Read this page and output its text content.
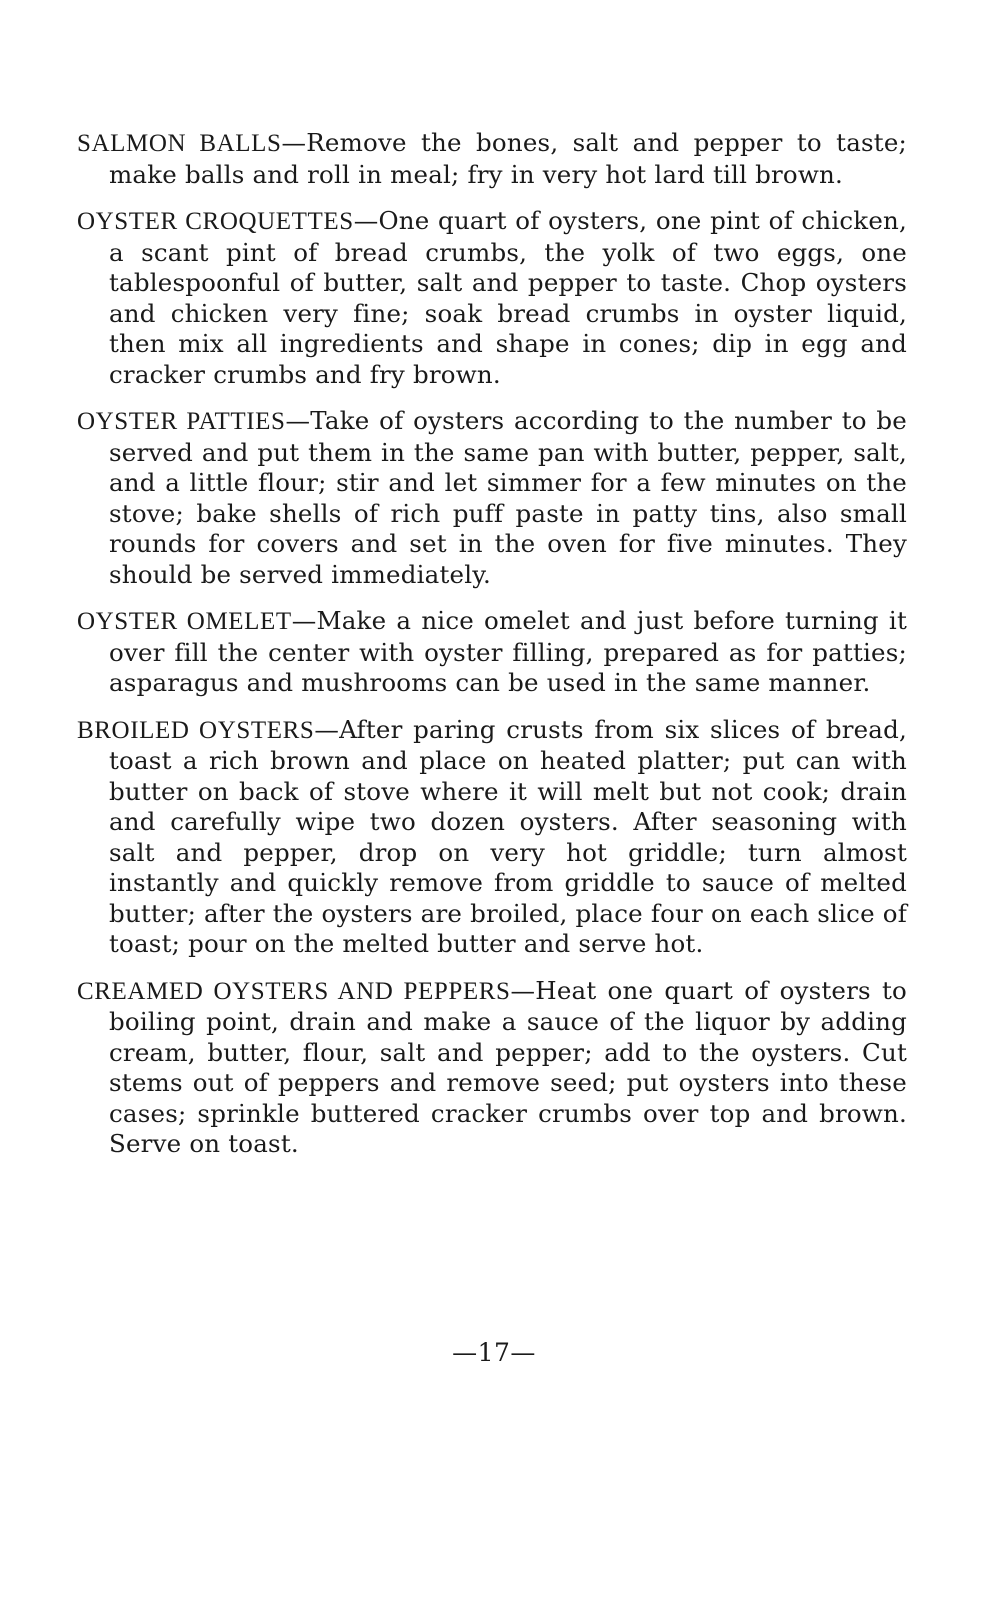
SALMON BALLS—Remove the bones, salt and pepper to taste; make balls and roll in meal; fry in very hot lard till brown.

OYSTER CROQUETTES—One quart of oysters, one pint of chicken, a scant pint of bread crumbs, the yolk of two eggs, one tablespoonful of butter, salt and pepper to taste. Chop oysters and chicken very fine; soak bread crumbs in oyster liquid, then mix all ingredients and shape in cones; dip in egg and cracker crumbs and fry brown.

OYSTER PATTIES—Take of oysters according to the number to be served and put them in the same pan with butter, pepper, salt, and a little flour; stir and let simmer for a few minutes on the stove; bake shells of rich puff paste in patty tins, also small rounds for covers and set in the oven for five minutes. They should be served immediately.

OYSTER OMELET—Make a nice omelet and just before turning it over fill the center with oyster filling, prepared as for patties; asparagus and mushrooms can be used in the same manner.

BROILED OYSTERS—After paring crusts from six slices of bread, toast a rich brown and place on heated platter; put can with butter on back of stove where it will melt but not cook; drain and carefully wipe two dozen oysters. After seasoning with salt and pepper, drop on very hot griddle; turn almost instantly and quickly remove from griddle to sauce of melted butter; after the oysters are broiled, place four on each slice of toast; pour on the melted butter and serve hot.

CREAMED OYSTERS AND PEPPERS—Heat one quart of oysters to boiling point, drain and make a sauce of the liquor by adding cream, butter, flour, salt and pepper; add to the oysters. Cut stems out of peppers and remove seed; put oysters into these cases; sprinkle buttered cracker crumbs over top and brown. Serve on toast.

—17—
